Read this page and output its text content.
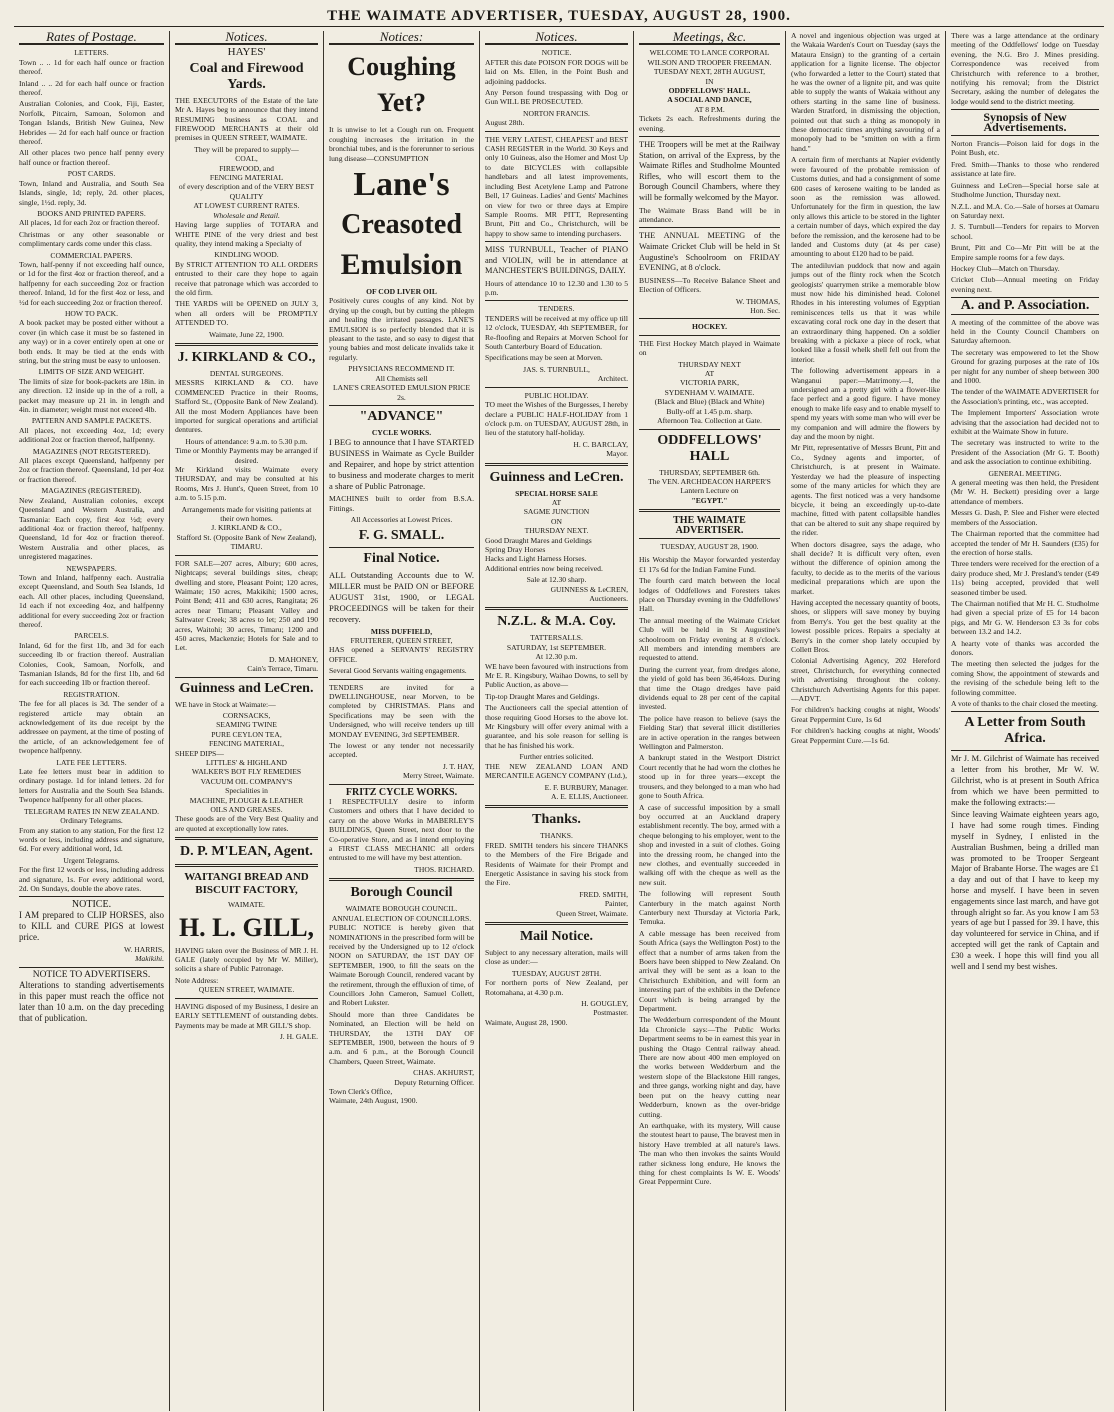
THE WAIMATE ADVERTISER, TUESDAY, AUGUST 28, 1900.
Rates of Postage.
LETTERS.

Town .. .. 1d for each half ounce or fraction thereof.

Inland .. .. 2d for each half ounce or fraction thereof.

Australian Colonies, and Cook, Fiji, Easter, Norfolk, Pitcairn, Samoan, Solomon and Tongan Islands, British New Guinea, New Hebrides — 2d for each half ounce or fraction thereof.

All other places two pence half penny every half ounce or fraction thereof.

POST CARDS.

Town, Inland and Australia, and South Sea Islands, single, 1d; reply, 2d. other places, single, 1½d. reply, 3d.

BOOKS AND PRINTED PAPERS.

All places, 1d for each 2oz or fraction thereof.

Christmas or any other seasonable or complimentary cards come under this class.

COMMERCIAL PAPERS.

Town, half-penny if not exceeding half ounce, or 1d for the first 4oz or fraction thereof, and a halfpenny for each succeeding 2oz or fraction thereof. Inland, 1d for the first 4oz or less, and ½d for each succeeding 2oz or fraction thereof.

HOW TO PACK.

A book packet may be posted either without a cover (in which case it must be so fastened in any way) or in a cover entirely open at one or both ends. It may be tied at the ends with string, but the string must be easy to unloosen.

LIMITS OF SIZE AND WEIGHT.

The limits of size for book-packets are 18in. in any direction. 12 inside up in the of a roll, a packet may measure up 21 in. in length and 4in. in diameter; weight must not exceed 4lb.

PATTERN AND SAMPLE PACKETS.

All places, not exceeding 4oz, 1d; every additional 2oz or fraction thereof, halfpenny.

MAGAZINES (NOT REGISTERED).

All places except Queensland, halfpenny per 2oz or fraction thereof. Queensland, 1d per 4oz or fraction thereof.

MAGAZINES (REGISTERED).

New Zealand, Australian colonies, except Queensland and Western Australia, and Tasmania: Each copy, first 4oz ½d; every additional 4oz or fraction thereof, halfpenny. Queensland, 1d for 4oz or fraction thereof. Western Australia and other places, as unregistered magazines.

NEWSPAPERS.

Town and Inland, halfpenny each. Australia except Queensland, and South Sea Islands, 1d each. All other places, including Queensland, 1d each if not exceeding 4oz, and halfpenny additional for every succeeding 2oz or fraction thereof.

PARCELS.

Inland, 6d for the first 1lb, and 3d for each succeeding lb or fraction thereof. Australian Colonies, Cook, Samoan, Norfolk, and Tasmanian Islands, 8d for the first 1lb, and 6d for each succeeding 1lb or fraction thereof.

REGISTRATION.

The fee for all places is 3d. The sender of a registered article may obtain an acknowledgement of its due receipt by the addressee on payment, at the time of posting of the article, of an acknowledgement fee of twopence halfpenny.

LATE FEE LETTERS.

Late fee letters must bear in addition to ordinary postage. 1d for inland letters. 2d for letters for Australia and the South Sea Islands. Twopence halfpenny for all other places.

TELEGRAM RATES IN NEW ZEALAND.
Ordinary Telegrams.

From any station to any station, For the first 12 words or less, including address and signature, 6d. For every additional word, 1d.

Urgent Telegrams.

For the first 12 words or less, including address and signature, 1s. For every additional word, 2d. On Sundays, double the above rates.

NOTICE.

I AM prepared to CLIP HORSES, also to KILL and CURE PIGS at lowest price.

W. HARRIS,
Makikihi.
NOTICE TO ADVERTISERS.

Alterations to standing advertisements in this paper must reach the office not later than 10 a.m. on the day preceding that of publication.

Notices.
HAYES'
Coal and Firewood Yards.

THE EXECUTORS of the Estate of the late Mr A. Hayes beg to announce that they intend RESUMING business as COAL and FIREWOOD MERCHANTS at their old premises in QUEEN STREET, WAIMATE.

They will be prepared to supply—
COAL,
FIREWOOD, and
FENCING MATERIAL
of every description and of the VERY BEST QUALITY
AT LOWEST CURRENT RATES.
Wholesale and Retail.

Having large supplies of TOTARA and WHITE PINE of the very driest and best quality, they intend making a Specialty of

KINDLING WOOD.

By STRICT ATTENTION TO ALL ORDERS entrusted to their care they hope to again receive that patronage which was accorded to the old firm.

THE YARDS will be OPENED on JULY 3, when all orders will be PROMPTLY ATTENDED TO.

Waimate, June 22, 1900.
J. KIRKLAND & CO.,
DENTAL SURGEONS.

MESSRS KIRKLAND & CO. have COMMENCED Practice in their Rooms, Stafford St., (Opposite Bank of New Zealand). All the most Modern Appliances have been imported for surgical operations and artificial dentures.

Hours of attendance: 9 a.m. to 5.30 p.m.
Time or Monthly Payments may be arranged if desired.

Mr Kirkland visits Waimate every THURSDAY, and may be consulted at his Rooms, Mrs J. Hunt's, Queen Street, from 10 a.m. to 5.15 p.m.

Arrangements made for visiting patients at their own homes.
J. KIRKLAND & CO.,
Stafford St. (Opposite Bank of New Zealand),
TIMARU.

FOR SALE—207 acres, Albury; 600 acres, Nightcaps; several buildings sites, cheap; dwelling and store, Pleasant Point; 120 acres, Waimate; 150 acres, Makikihi; 1500 acres, Point Bend; 411 and 630 acres, Rangitata; 26 acres near Timaru; Pleasant Valley and Saltwater Creek; 38 acres to let; 250 and 190 acres, Waitohi; 30 acres, Timaru; 1200 and 450 acres, Mackenzie; Hotels for Sale and to Let.

D. MAHONEY,
Cain's Terrace, Timaru.
Guinness and LeCren.

WE have in Stock at Waimate:—

CORNSACKS,
SEAMING TWINE
PURE CEYLON TEA,
FENCING MATERIAL,
SHEEP DIPS—
LITTLES' & HIGHLAND
WALKER'S BOT FLY REMEDIES
VACUUM OIL COMPANY'S
Specialities in
MACHINE, PLOUGH & LEATHER
OILS AND GREASES.

These goods are of the Very Best Quality and are quoted at exceptionally low rates.

D. P. M'LEAN, Agent.
WAITANGI BREAD AND BISCUIT FACTORY,
WAIMATE.
H. L. GILL,

HAVING taken over the Business of MR J. H. GALE (lately occupied by Mr W. Miller), solicits a share of Public Patronage.

Note Address:
QUEEN STREET, WAIMATE.

HAVING disposed of my Business, I desire an EARLY SETTLEMENT of outstanding debts. Payments may be made at MR GILL'S shop.

J. H. GALE.
Notices:
Coughing Yet?

It is unwise to let a Cough run on. Frequent coughing increases the irritation in the bronchial tubes, and is the forerunner to serious lung disease—CONSUMPTION

Lane's
Creasoted
Emulsion
OF COD LIVER OIL

Positively cures coughs of any kind. Not by drying up the cough, but by cutting the phlegm and healing the irritated passages. LANE'S EMULSION is so perfectly blended that it is pleasant to the taste, and so easy to digest that young babies and most delicate invalids take it regularly.

PHYSICIANS RECOMMEND IT.
All Chemists sell
LANE'S CREASOTED EMULSION PRICE 2s.
"ADVANCE"
CYCLE WORKS.

I BEG to announce that I have STARTED BUSINESS in Waimate as Cycle Builder and Repairer, and hope by strict attention to business and moderate charges to merit a share of Public Patronage.

MACHINES built to order from B.S.A. Fittings.

All Accessories at Lowest Prices.
F. G. SMALL.
Final Notice.

ALL Outstanding Accounts due to W. MILLER must be PAID ON or BEFORE AUGUST 31st, 1900, or LEGAL PROCEEDINGS will be taken for their recovery.

MISS DUFFIELD,
FRUITERER, QUEEN STREET,

HAS opened a SERVANTS' REGISTRY OFFICE.

Several Good Servants waiting engagements.

TENDERS are invited for a DWELLINGHOUSE, near Morven, to be completed by CHRISTMAS. Plans and Specifications may be seen with the Undersigned, who will receive tenders up till MONDAY EVENING, 3rd SEPTEMBER.

The lowest or any tender not necessarily accepted.

J. T. HAY,
Merry Street, Waimate.
FRITZ CYCLE WORKS.

I RESPECTFULLY desire to inform Customers and others that I have decided to carry on the above Works in MABERLEY'S BUILDINGS, Queen Street, next door to the Co-operative Store, and as I intend employing a FIRST CLASS MECHANIC all orders entrusted to me will have my best attention.

THOS. RICHARD.
Borough Council
WAIMATE BOROUGH COUNCIL.
ANNUAL ELECTION OF COUNCILLORS.

PUBLIC NOTICE is hereby given that NOMINATIONS in the prescribed form will be received by the Undersigned up to 12 o'clock NOON on SATURDAY, the 1ST DAY OF SEPTEMBER, 1900, to fill the seats on the Waimate Borough Council, rendered vacant by the retirement, through the effluxion of time, of Councillors John Cameron, Samuel Collett, and Robert Lukster.

Should more than three Candidates be Nominated, an Election will be held on THURSDAY, the 13TH DAY OF SEPTEMBER, 1900, between the hours of 9 a.m. and 6 p.m., at the Borough Council Chambers, Queen Street, Waimate.

CHAS. AKHURST,
Deputy Returning Officer.
Town Clerk's Office,
Waimate, 24th August, 1900.
Notices.
NOTICE.

AFTER this date POISON FOR DOGS will be laid on Ms. Ellen, in the Point Bush and adjoining paddocks.

Any Person found trespassing with Dog or Gun WILL BE PROSECUTED.

NORTON FRANCIS.
August 28th.

THE VERY LATEST, CHEAPEST and BEST CASH REGISTER in the World. 30 Keys and only 10 Guineas, also the Homer and Most Up to date BICYCLES with collapsible handlebars and all latest improvements, including Best Acetylene Lamp and Patrone Bell, 17 Guineas. Ladies' and Gents' Machines on view for two or three days at Empire Sample Rooms. MR PITT, Representing Brunt, Pitt and Co., Christchurch, will be happy to show same to intending purchasers.

MISS TURNBULL, Teacher of PIANO and VIOLIN, will be in attendance at MANCHESTER'S BUILDINGS, DAILY.

Hours of attendance 10 to 12.30 and 1.30 to 5 p.m.

TENDERS.

TENDERS will be received at my office up till 12 o'clock, TUESDAY, 4th SEPTEMBER, for Re-floofing and Repairs at Morven School for South Canterbury Board of Education.

Specifications may be seen at Morven.

JAS. S. TURNBULL,
Architect.
PUBLIC HOLIDAY.

TO meet the Wishes of the Burgesses, I hereby declare a PUBLIC HALF-HOLIDAY from 1 o'clock p.m. on TUESDAY, AUGUST 28th, in lieu of the statutory half-holiday.

H. C. BARCLAY,
Mayor.
Guinness and LeCren.
SPECIAL HORSE SALE
AT
SAGME JUNCTION
ON
THURSDAY NEXT.
Good Draught Mares and Geldings
Spring Dray Horses
Hacks and Light Harness Horses.

Additional entries now being received.

Sale at 12.30 sharp.
GUINNESS & LeCREN,
Auctioneers.
N.Z.L. & M.A. Coy.
TATTERSALLS.
SATURDAY, 1st SEPTEMBER.
At 12.30 p.m.

WE have been favoured with instructions from Mr E. R. Kingsbury, Waihao Downs, to sell by Public Auction, as above—

Tip-top Draught Mares and Geldings.

The Auctioneers call the special attention of those requiring Good Horses to the above lot. Mr Kingsbury will offer every animal with a guarantee, and his sole reason for selling is that he has finished his work.

Further entries solicited.

THE NEW ZEALAND LOAN AND MERCANTILE AGENCY COMPANY (Ltd.),

E. F. BURBURY, Manager.
A. E. ELLIS, Auctioneer.
Thanks.
THANKS.

FRED. SMITH tenders his sincere THANKS to the Members of the Fire Brigade and Residents of Waimate for their Prompt and Energetic Assistance in saving his stock from the Fire.

FRED. SMITH,
Painter,
Queen Street, Waimate.
Mail Notice.

Subject to any necessary alteration, mails will close as under:—

TUESDAY, AUGUST 28TH.

For northern ports of New Zealand, per Rotomahana, at 4.30 p.m.

H. GOUGLEY,
Postmaster.
Waimate, August 28, 1900.
Meetings, &c.
WELCOME TO LANCE CORPORAL WILSON AND TROOPER FREEMAN.
TUESDAY NEXT, 28TH AUGUST,
IN
ODDFELLOWS' HALL.
A SOCIAL AND DANCE,
AT 8 P.M.

Tickets 2s each. Refreshments during the evening.

THE Troopers will be met at the Railway Station, on arrival of the Express, by the Waimate Rifles and Studholme Mounted Rifles, who will escort them to the Borough Council Chambers, where they will be formally welcomed by the Mayor.

The Waimate Brass Band will be in attendance.

THE ANNUAL MEETING of the Waimate Cricket Club will be held in St Augustine's Schoolroom on FRIDAY EVENING, at 8 o'clock.

BUSINESS—To Receive Balance Sheet and Election of Officers.

W. THOMAS,
Hon. Sec.
HOCKEY.

THE First Hockey Match played in Waimate on

THURSDAY NEXT
AT
VICTORIA PARK,
SYDENHAM V. WAIMATE.
(Black and Blue) (Black and White)
Bully-off at 1.45 p.m. sharp.
Afternoon Tea. Collection at Gate.
ODDFELLOWS' HALL
THURSDAY, SEPTEMBER 6th.
The VEN. ARCHDEACON HARPER'S Lantern Lecture on
"EGYPT."
THE WAIMATE ADVERTISER.
TUESDAY, AUGUST 28, 1900.

His Worship the Mayor forwarded yesterday £1 17s 6d for the Indian Famine Fund.

The fourth card match between the local lodges of Oddfellows and Foresters takes place on Thursday evening in the Oddfellows' Hall.

The annual meeting of the Waimate Cricket Club will be held in St Augustine's schoolroom on Friday evening at 8 o'clock. All members and intending members are requested to attend.

During the current year, from dredges alone, the yield of gold has been 36,464ozs. During that time the Otago dredges have paid dividends equal to 28 per cent of the capital invested.

The police have reason to believe (says the Fielding Star) that several illicit distilleries are in active operation in the ranges between Wellington and Palmerston.

A bankrupt stated in the Westport District Court recently that he had worn the clothes he stood up in for three years—except the trousers, and they belonged to a man who had gone to South Africa.

A case of successful imposition by a small boy occurred at an Auckland drapery establishment recently. The boy, armed with a cheque belonging to his employer, went to the shop and invested in a suit of clothes. Going into the dressing room, he changed into the new clothes, and eventually succeeded in walking off with the cheque as well as the new suit.

The following will represent South Canterbury in the match against North Canterbury next Thursday at Victoria Park, Temuka.

A cable message has been received from South Africa (says the Wellington Post) to the effect that a number of arms taken from the Boers have been shipped to New Zealand. On arrival they will be sent as a loan to the Christchurch Exhibition, and will form an interesting part of the exhibits in the Defence Court which is being arranged by the Department.

The Wedderburn correspondent of the Mount Ida Chronicle says:—The Public Works Department seems to be in earnest this year in pushing the Otago Central railway ahead. There are now about 400 men employed on the works between Wedderburn and the western slope of the Blackstone Hill ranges, and three gangs, working night and day, have been put on the heavy cutting near Wedderburn, known as the over-bridge cutting.

An earthquake, with its mystery, Will cause the stoutest heart to pause, The bravest men in history Have trembled at all nature's laws. The man who then invokes the saints Would rather sickness long endure, He knows the thing for chest complaints Is W. E. Woods' Great Peppermint Cure.

A novel and ingenious objection was urged at the Wakaia Warden's Court on Tuesday (says the Mataura Ensign) to the granting of a certain application for a lignite license. The objector (who forwarded a letter to the Court) stated that he was the owner of a lignite pit, and was quite able to supply the wants of Wakaia without any others starting in the same line of business. Warden Stratford, in dismissing the objection, pointed out that such a thing as monopoly in these democratic times anything savouring of a monopoly had to be "smitten on with a firm hand."

A certain firm of merchants at Napier evidently were favoured of the probable remission of Customs duties, and had a consignment of some 600 cases of kerosene waiting to be landed as soon as the remission was allowed. Unfortunately for the firm in question, the law only allows this article to be stored in the lighter a certain number of days, which expired the day before the remission, and the kerosene had to be landed and Customs duty (at 4s per case) amounting to about £120 had to be paid.

The antediluvian puddock that now and again jumps out of the flinty rock when the Scotch geologists' quarrymen strike a memorable blow must now hide his diminished head. Colonel Rhodes in his interesting volumes of Egyptian reminiscences tells us that it was while excavating coral rock one day in the desert that an extraordinary thing happened. On a soldier breaking with a pickaxe a piece of rock, what looked like a fossil whelk shell fell out from the interior.

The following advertisement appears in a Wanganui paper:—Matrimony.—I, the undersigned am a pretty girl with a flower-like face perfect and a good figure. I have money enough to make life easy and to enable myself to spend my years with some man who will ever be my companion and will admire the flowers by day and the moon by night.

Mr Pitt, representative of Messrs Brunt, Pitt and Co., Sydney agents and importer, of Christchurch, is at present in Waimate. Yesterday we had the pleasure of inspecting some of the many articles for which they are agents. The first noticed was a very handsome bicycle, it being an exceedingly up-to-date machine, fitted with patent collapsible handles that can be altered to suit any shape required by the rider.

When doctors disagree, says the adage, who shall decide? It is difficult very often, even without the difference of opinion among the faculty, to decide as to the merits of the various medicinal preparations which are upon the market.

Having accepted the necessary quantity of boots, shoes, or slippers will save money by buying from Berry's. You get the best quality at the lowest possible prices. Repairs a specialty at Berry's in the corner shop lately occupied by Collett Bros.

Colonial Advertising Agency, 202 Hereford street, Christchurch, for everything connected with advertising throughout the colony. Christchurch Advertising Agents for this paper.—ADVT.

For children's hacking coughs at night, Woods' Great Peppermint Cure, 1s 6d

For children's hacking coughs at night, Woods' Great Peppermint Cure.—1s 6d.

There was a large attendance at the ordinary meeting of the Oddfellows' lodge on Tuesday evening, the N.G. Bro J. Mines presiding. Correspondence was received from Christchurch with reference to a brother, notifying his removal; from the District Secretary, asking the number of delegates the lodge would send to the district meeting.

Synopsis of New Advertisements.

Norton Francis—Poison laid for dogs in the Point Bush, etc.

Fred. Smith—Thanks to those who rendered assistance at late fire.

Guinness and LeCren—Special horse sale at Studholme Junction, Thursday next.

N.Z.L. and M.A. Co.—Sale of horses at Oamaru on Saturday next.

J. S. Turnbull—Tenders for repairs to Morven school.

Brunt, Pitt and Co—Mr Pitt will be at the Empire sample rooms for a few days.

Hockey Club—Match on Thursday.

Cricket Club—Annual meeting on Friday evening next.

A. and P. Association.

A meeting of the committee of the above was held in the County Council Chambers on Saturday afternoon.

The secretary was empowered to let the Show Ground for grazing purposes at the rate of 10s per night for any number of sheep between 300 and 1000.

The tender of the WAIMATE ADVERTISER for the Association's printing, etc., was accepted.

The Implement Importers' Association wrote advising that the association had decided not to exhibit at the Waimate Show in future.

The secretary was instructed to write to the President of the Association (Mr G. T. Booth) and ask the association to continue exhibiting.

GENERAL MEETING.

A general meeting was then held, the President (Mr W. H. Beckett) presiding over a large attendance of members.

Messrs G. Dash, P. Slee and Fisher were elected members of the Association.

The Chairman reported that the committee had accepted the tender of Mr H. Saunders (£35) for the erection of horse stalls.

Three tenders were received for the erection of a dairy produce shed, Mr J. Presland's tender (£49 11s) being accepted, provided that well seasoned timber be used.

The Chairman notified that Mr H. C. Studholme had given a special prize of £5 for 14 bacon pigs, and Mr G. W. Henderson £3 3s for cobs between 13.2 and 14.2.

A hearty vote of thanks was accorded the donors.

The meeting then selected the judges for the coming Show, the appointment of stewards and the revising of the schedule being left to the following committee.

A vote of thanks to the chair closed the meeting.

A Letter from South Africa.

Mr J. M. Gilchrist of Waimate has received a letter from his brother, Mr W. W. Gilchrist, who is at present in South Africa from which we have been permitted to make the following extracts:—

Since leaving Waimate eighteen years ago, I have had some rough times. Finding myself in Sydney, I enlisted in the Australian Bushmen, being a drilled man was promoted to be Trooper Sergeant Major of Brabante Horse. The wages are £1 a day and out of that I have to keep my horse and myself. I have been in seven engagements since last march, and have got through alright so far. As you know I am 53 years of age but I passed for 39. I have, this day volunteered for service in China, and if accepted will get the rank of Captain and £30 a week. I hope this will find you all well and I send my best wishes.
